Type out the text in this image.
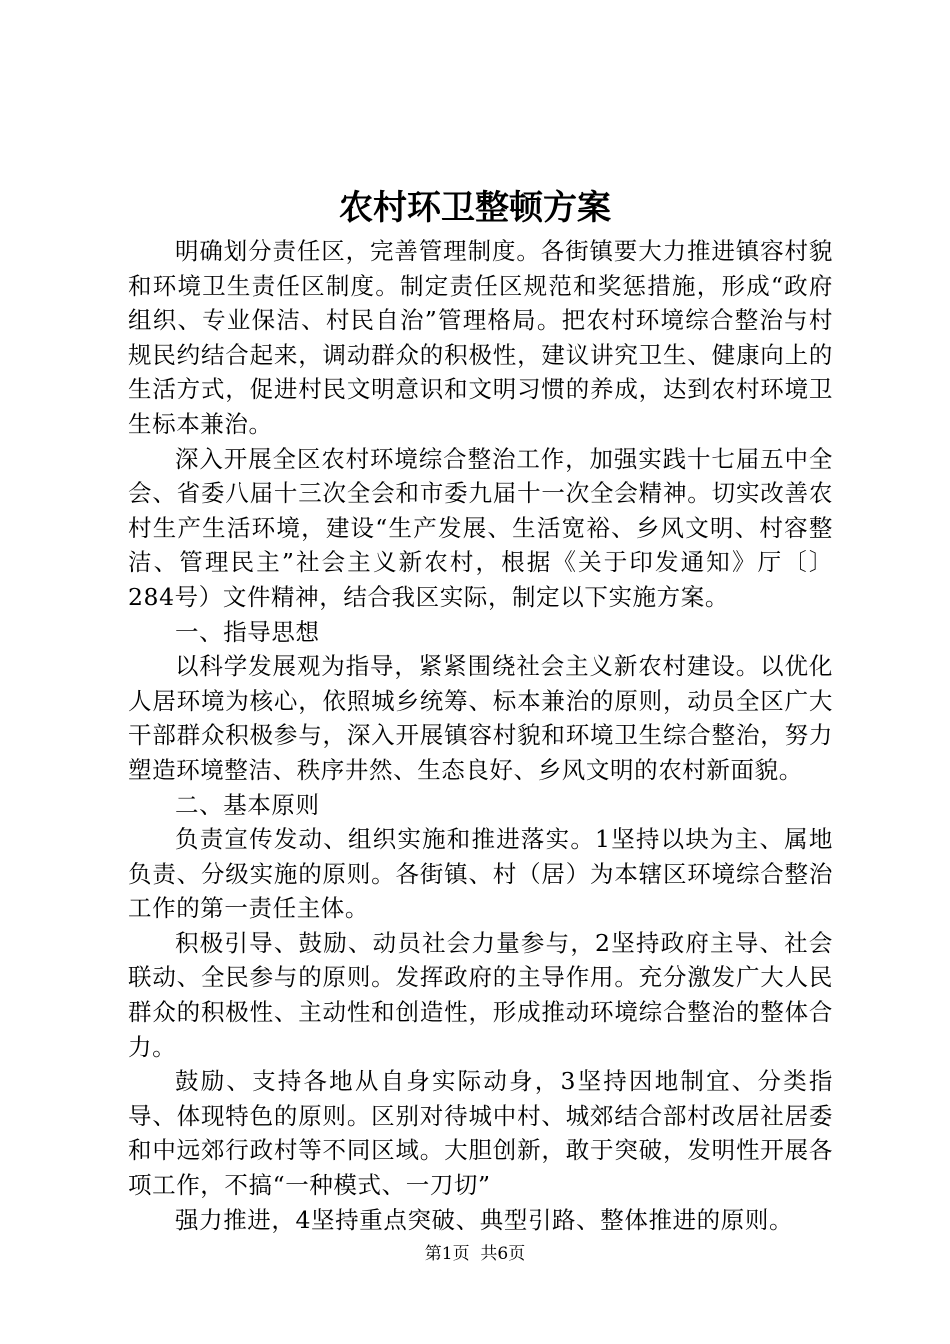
农村环卫整顿方案

明确划分责任区，完善管理制度。各街镇要大力推进镇容村貌和环境卫生责任区制度。制定责任区规范和奖惩措施，形成“政府组织、专业保洁、村民自治”管理格局。把农村环境综合整治与村规民约结合起来，调动群众的积极性，建议讲究卫生、健康向上的生活方式，促进村民文明意识和文明习惯的养成，达到农村环境卫生标本兼治。

深入开展全区农村环境综合整治工作，加强实践十七届五中全会、省委八届十三次全会和市委九届十一次全会精神。切实改善农村生产生活环境，建设“生产发展、生活宽裕、乡风文明、村容整洁、管理民主”社会主义新农村，根据《关于印发通知》厅〔〕284号）文件精神，结合我区实际，制定以下实施方案。

一、指导思想

以科学发展观为指导，紧紧围绕社会主义新农村建设。以优化人居环境为核心，依照城乡统筹、标本兼治的原则，动员全区广大干部群众积极参与，深入开展镇容村貌和环境卫生综合整治，努力塑造环境整洁、秩序井然、生态良好、乡风文明的农村新面貌。

二、基本原则

负责宣传发动、组织实施和推进落实。1坚持以块为主、属地负责、分级实施的原则。各街镇、村（居）为本辖区环境综合整治工作的第一责任主体。

积极引导、鼓励、动员社会力量参与，2坚持政府主导、社会联动、全民参与的原则。发挥政府的主导作用。充分激发广大人民群众的积极性、主动性和创造性，形成推动环境综合整治的整体合力。

鼓励、支持各地从自身实际动身，3坚持因地制宜、分类指导、体现特色的原则。区别对待城中村、城郊结合部村改居社居委和中远郊行政村等不同区域。大胆创新，敢于突破，发明性开展各项工作，不搞“一种模式、一刀切”

强力推进，4坚持重点突破、典型引路、整体推进的原则。

第1页  共6页
